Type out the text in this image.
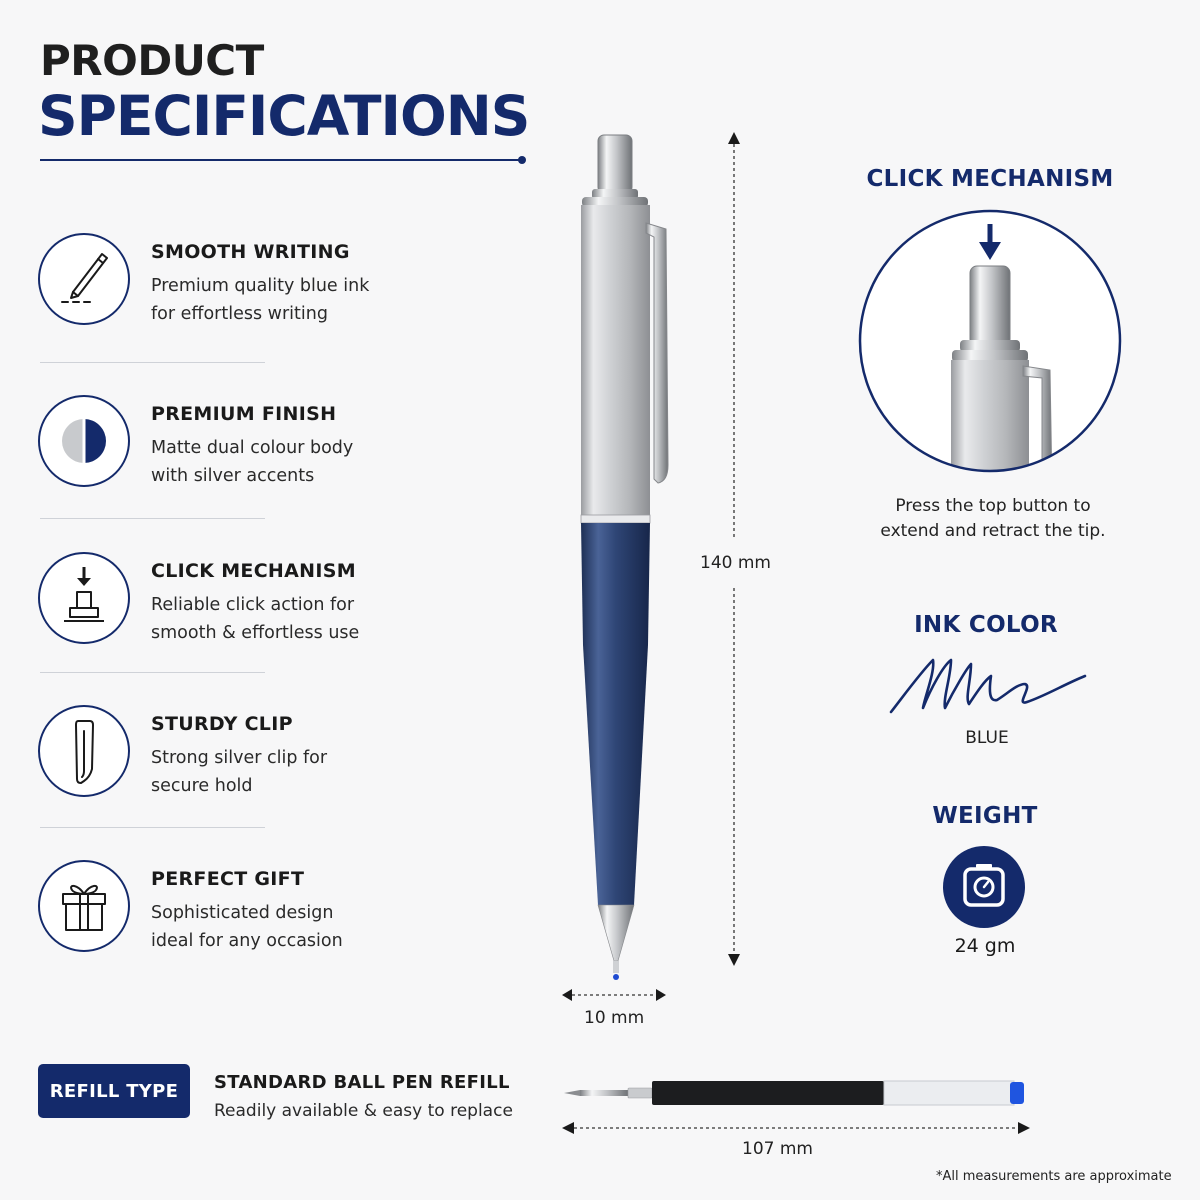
PRODUCT
SPECIFICATIONS
SMOOTH WRITING
Premium quality blue ink
for effortless writing
PREMIUM FINISH
Matte dual colour body
with silver accents
CLICK MECHANISM
Reliable click action for
smooth & effortless use
STURDY CLIP
Strong silver clip for
secure hold
PERFECT GIFT
Sophisticated design
ideal for any occasion
140 mm
10 mm
CLICK MECHANISM
Press the top button to
extend and retract the tip.
INK COLOR
BLUE
WEIGHT
24 gm
REFILL TYPE	STANDARD BALL PEN REFILL
Readily available & easy to replace
107 mm
*All measurements are approximate
